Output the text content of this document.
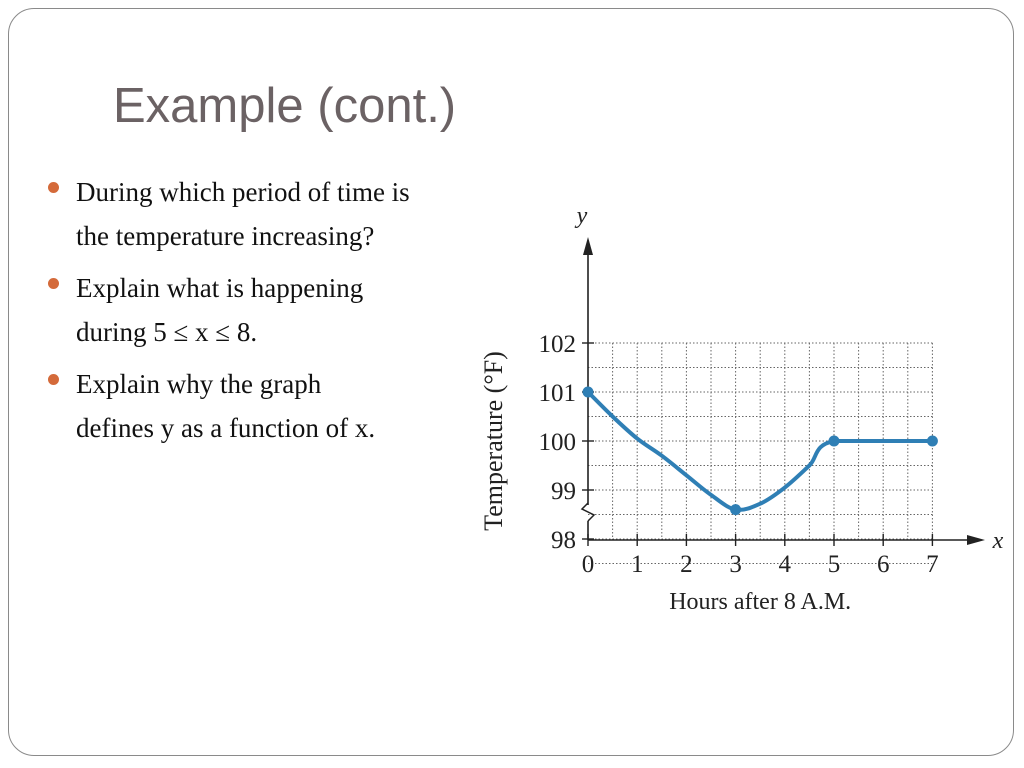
Example (cont.)
During which period of time is
the temperature increasing?
Explain what is happening
during 5 ≤ x ≤ 8.
Explain why the graph
defines y as a function of x.
y
x
98
99
100
101
102
0 1 2 3 4 5 6 7
Hours after 8 A.M.
Temperature (°F)
